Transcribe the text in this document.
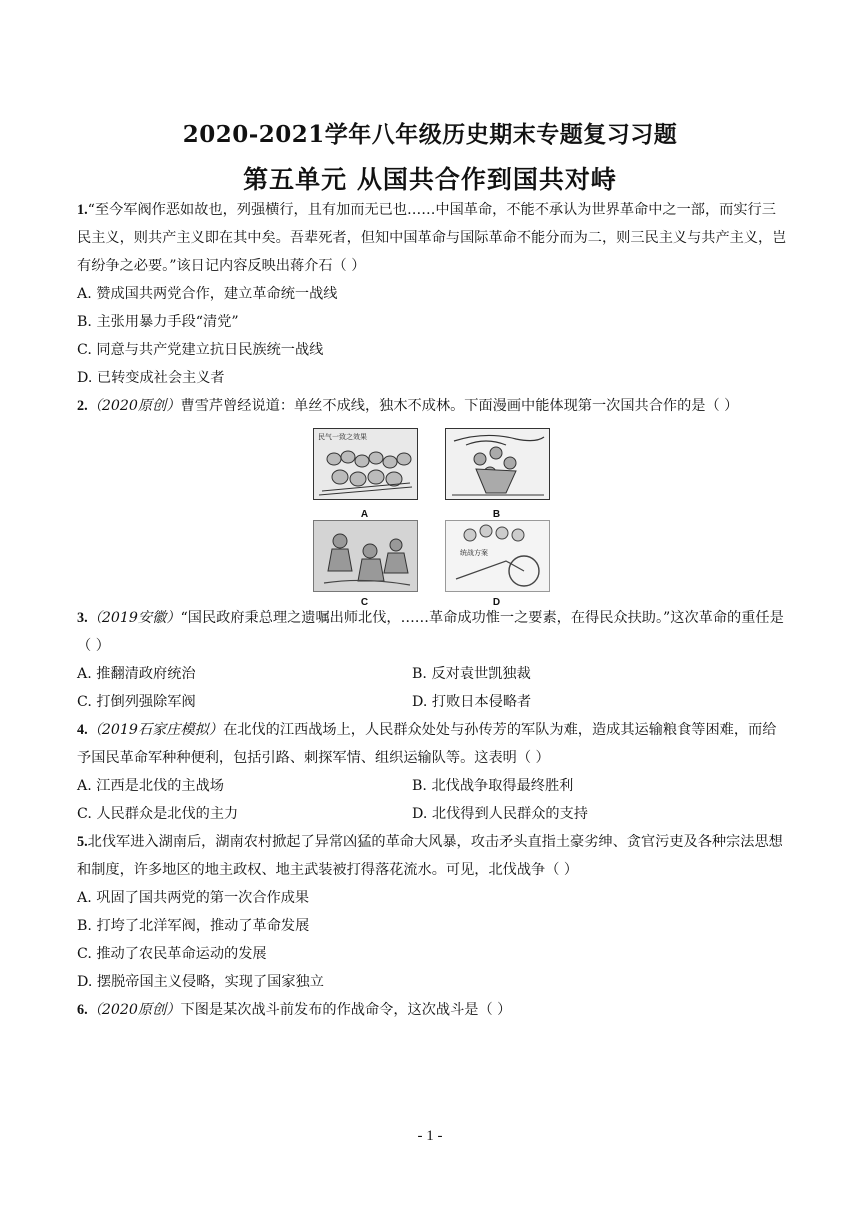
2020-2021学年八年级历史期末专题复习习题
第五单元 从国共合作到国共对峙

1.“至今军阀作恶如故也，列强横行，且有加而无已也……中国革命，不能不承认为世界革命中之一部，而实行三民主义，则共产主义即在其中矣。吾辈死者，但知中国革命与国际革命不能分而为二，则三民主义与共产主义，岂有纷争之必要。”该日记内容反映出蒋介石（ ）

A. 赞成国共两党合作，建立革命统一战线

B. 主张用暴力手段“清党”

C. 同意与共产党建立抗日民族统一战线

D. 已转变成社会主义者

2.（2020原创）曹雪芹曾经说道：单丝不成线，独木不成林。下面漫画中能体现第一次国共合作的是（ ）

民气一致之效果
A	B
C
统战方案
D

3.（2019安徽）“国民政府秉总理之遗嘱出师北伐，……革命成功惟一之要素，在得民众扶助。”这次革命的重任是（ ）

A. 推翻清政府统治	B. 反对袁世凯独裁

C. 打倒列强除军阀	D. 打败日本侵略者

4.（2019石家庄模拟）在北伐的江西战场上，人民群众处处与孙传芳的军队为难，造成其运输粮食等困难，而给予国民革命军种种便利，包括引路、刺探军情、组织运输队等。这表明（ ）

A. 江西是北伐的主战场	B. 北伐战争取得最终胜利

C. 人民群众是北伐的主力	D. 北伐得到人民群众的支持

5.北伐军进入湖南后，湖南农村掀起了异常凶猛的革命大风暴，攻击矛头直指土豪劣绅、贪官污吏及各种宗法思想和制度，许多地区的地主政权、地主武装被打得落花流水。可见，北伐战争（ ）

A. 巩固了国共两党的第一次合作成果

B. 打垮了北洋军阀，推动了革命发展

C. 推动了农民革命运动的发展

D. 摆脱帝国主义侵略，实现了国家独立

6.（2020原创）下图是某次战斗前发布的作战命令，这次战斗是（ ）

- 1 -
